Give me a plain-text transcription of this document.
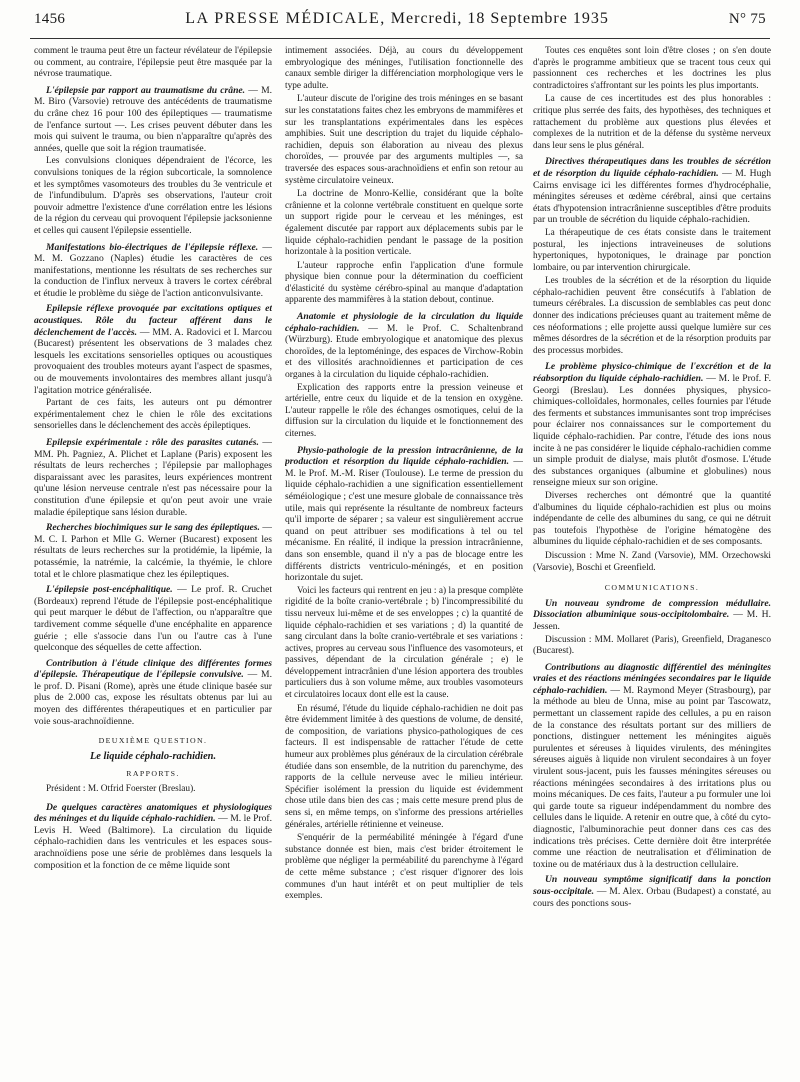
1456	LA PRESSE MÉDICALE, Mercredi, 18 Septembre 1935	N° 75

comment le trauma peut être un facteur révélateur de l'épilepsie ou comment, au contraire, l'épilepsie peut être masquée par la névrose traumatique.

L'épilepsie par rapport au traumatisme du crâne. — M. M. Biro (Varsovie) retrouve des antécédents de traumatisme du crâne chez 16 pour 100 des épileptiques — traumatisme de l'enfance surtout —. Les crises peuvent débuter dans les mois qui suivent le trauma, ou bien n'apparaître qu'après des années, quelle que soit la région traumatisée.

Les convulsions cloniques dépendraient de l'écorce, les convulsions toniques de la région subcorticale, la somnolence et les symptômes vasomoteurs des troubles du 3e ventricule et de l'infundibulum. D'après ses observations, l'auteur croit pouvoir admettre l'existence d'une corrélation entre les lésions de la région du cerveau qui provoquent l'épilepsie jacksonienne et celles qui causent l'épilepsie essentielle.

Manifestations bio-électriques de l'épilepsie réflexe. — M. M. Gozzano (Naples) étudie les caractères de ces manifestations, mentionne les résultats de ses recherches sur la conduction de l'influx nerveux à travers le cortex cérébral et étudie le problème du siège de l'action anticonvulsivante.

Epilepsie réflexe provoquée par excitations optiques et acoustiques. Rôle du facteur afférent dans le déclenchement de l'accès. — MM. A. Radovici et I. Marcou (Bucarest) présentent les observations de 3 malades chez lesquels les excitations sensorielles optiques ou acoustiques provoquaient des troubles moteurs ayant l'aspect de spasmes, ou de mouvements involontaires des membres allant jusqu'à l'agitation motrice généralisée.

Partant de ces faits, les auteurs ont pu démontrer expérimentalement chez le chien le rôle des excitations sensorielles dans le déclenchement des accès épileptiques.

Epilepsie expérimentale : rôle des parasites cutanés. — MM. Ph. Pagniez, A. Plichet et Laplane (Paris) exposent les résultats de leurs recherches ; l'épilepsie par mallophages disparaissant avec les parasites, leurs expériences montrent qu'une lésion nerveuse centrale n'est pas nécessaire pour la constitution d'une épilepsie et qu'on peut avoir une vraie maladie épileptique sans lésion durable.

Recherches biochimiques sur le sang des épileptiques. — M. C. I. Parhon et Mlle G. Werner (Bucarest) exposent les résultats de leurs recherches sur la protidémie, la lipémie, la potassémie, la natrémie, la calcémie, la thyémie, le chlore total et le chlore plasmatique chez les épileptiques.

L'épilepsie post-encéphalitique. — Le prof. R. Cruchet (Bordeaux) reprend l'étude de l'épilepsie post-encéphalitique qui peut marquer le début de l'affection, ou n'apparaître que tardivement comme séquelle d'une encéphalite en apparence guérie ; elle s'associe dans l'un ou l'autre cas à l'une quelconque des séquelles de cette affection.

Contribution à l'étude clinique des différentes formes d'épilepsie. Thérapeutique de l'épilepsie convulsive. — M. le prof. D. Pisani (Rome), après une étude clinique basée sur plus de 2.000 cas, expose les résultats obtenus par lui au moyen des différentes thérapeutiques et en particulier par voie sous-arachnoïdienne.

DEUXIÈME QUESTION.

Le liquide céphalo-rachidien.

RAPPORTS.

Président : M. Otfrid Foerster (Breslau).

De quelques caractères anatomiques et physiologiques des méninges et du liquide céphalo-rachidien. — M. le Prof. Levis H. Weed (Baltimore). La circulation du liquide céphalo-rachidien dans les ventricules et les espaces sous-arachnoïdiens pose une série de problèmes dans lesquels la composition et la fonction de ce même liquide sont

intimement associées. Déjà, au cours du développement embryologique des méninges, l'utilisation fonctionnelle des canaux semble diriger la différenciation morphologique vers le type adulte.

L'auteur discute de l'origine des trois méninges en se basant sur les constatations faites chez les embryons de mammifères et sur les transplantations expérimentales dans les espèces amphibies. Suit une description du trajet du liquide céphalo-rachidien, depuis son élaboration au niveau des plexus choroïdes, — prouvée par des arguments multiples —, sa traversée des espaces sous-arachnoïdiens et enfin son retour au système circulatoire veineux.

La doctrine de Monro-Kellie, considérant que la boîte crânienne et la colonne vertébrale constituent en quelque sorte un support rigide pour le cerveau et les méninges, est également discutée par rapport aux déplacements subis par le liquide céphalo-rachidien pendant le passage de la position horizontale à la position verticale.

L'auteur rapproche enfin l'application d'une formule physique bien connue pour la détermination du coefficient d'élasticité du système cérébro-spinal au manque d'adaptation apparente des mammifères à la station debout, continue.

Anatomie et physiologie de la circulation du liquide céphalo-rachidien. — M. le Prof. C. Schaltenbrand (Würzburg). Etude embryologique et anatomique des plexus choroïdes, de la leptoméninge, des espaces de Virchow-Robin et des villosités arachnoïdiennes et participation de ces organes à la circulation du liquide céphalo-rachidien.

Explication des rapports entre la pression veineuse et artérielle, entre ceux du liquide et de la tension en oxygène. L'auteur rappelle le rôle des échanges osmotiques, celui de la diffusion sur la circulation du liquide et le fonctionnement des citernes.

Physio-pathologie de la pression intracrânienne, de la production et résorption du liquide céphalo-rachidien. — M. le Prof. M.-M. Riser (Toulouse). Le terme de pression du liquide céphalo-rachidien a une signification essentiellement séméiologique ; c'est une mesure globale de connaissance très utile, mais qui représente la résultante de nombreux facteurs qu'il importe de séparer ; sa valeur est singulièrement accrue quand on peut attribuer ses modifications à tel ou tel mécanisme. En réalité, il indique la pression intracrânienne, dans son ensemble, quand il n'y a pas de blocage entre les différents districts ventriculo-méningés, et en position horizontale du sujet.

Voici les facteurs qui rentrent en jeu : a) la presque complète rigidité de la boîte cranio-vertébrale ; b) l'incompressibilité du tissu nerveux lui-même et de ses enveloppes ; c) la quantité de liquide céphalo-rachidien et ses variations ; d) la quantité de sang circulant dans la boîte cranio-vertébrale et ses variations : actives, propres au cerveau sous l'influence des vasomoteurs, et passives, dépendant de la circulation générale ; e) le développement intracrânien d'une lésion apportera des troubles particuliers dus à son volume même, aux troubles vasomoteurs et circulatoires locaux dont elle est la cause.

En résumé, l'étude du liquide céphalo-rachidien ne doit pas être évidemment limitée à des questions de volume, de densité, de composition, de variations physico-pathologiques de ces facteurs. Il est indispensable de rattacher l'étude de cette humeur aux problèmes plus généraux de la circulation cérébrale étudiée dans son ensemble, de la nutrition du parenchyme, des rapports de la cellule nerveuse avec le milieu intérieur. Spécifier isolément la pression du liquide est évidemment chose utile dans bien des cas ; mais cette mesure prend plus de sens si, en même temps, on s'informe des pressions artérielles générales, artérielle rétinienne et veineuse.

S'enquérir de la perméabilité méningée à l'égard d'une substance donnée est bien, mais c'est brider étroitement le problème que négliger la perméabilité du parenchyme à l'égard de cette même substance ; c'est risquer d'ignorer des lois communes d'un haut intérêt et on peut multiplier de tels exemples.

Toutes ces enquêtes sont loin d'être closes ; on s'en doute d'après le programme ambitieux que se tracent tous ceux qui passionnent ces recherches et les doctrines les plus contradictoires s'affrontant sur les points les plus importants.

La cause de ces incertitudes est des plus honorables : critique plus serrée des faits, des hypothèses, des techniques et rattachement du problème aux questions plus élevées et complexes de la nutrition et de la défense du système nerveux dans leur sens le plus général.

Directives thérapeutiques dans les troubles de sécrétion et de résorption du liquide céphalo-rachidien. — M. Hugh Cairns envisage ici les différentes formes d'hydrocéphalie, méningites séreuses et œdème cérébral, ainsi que certains états d'hypotension intracrânienne susceptibles d'être produits par un trouble de sécrétion du liquide céphalo-rachidien.

La thérapeutique de ces états consiste dans le traitement postural, les injections intraveineuses de solutions hypertoniques, hypotoniques, le drainage par ponction lombaire, ou par intervention chirurgicale.

Les troubles de la sécrétion et de la résorption du liquide céphalo-rachidien peuvent être consécutifs à l'ablation de tumeurs cérébrales. La discussion de semblables cas peut donc donner des indications précieuses quant au traitement même de ces néoformations ; elle projette aussi quelque lumière sur ces mêmes désordres de la sécrétion et de la résorption produits par des processus morbides.

Le problème physico-chimique de l'excrétion et de la réabsorption du liquide céphalo-rachidien. — M. le Prof. F. Georgi (Breslau). Les données physiques, physico-chimiques-colloïdales, hormonales, celles fournies par l'étude des ferments et substances immunisantes sont trop imprécises pour éclairer nos connaissances sur le comportement du liquide céphalo-rachidien. Par contre, l'étude des ions nous incite à ne pas considérer le liquide céphalo-rachidien comme un simple produit de dialyse, mais plutôt d'osmose. L'étude des substances organiques (albumine et globulines) nous renseigne mieux sur son origine.

Diverses recherches ont démontré que la quantité d'albumines du liquide céphalo-rachidien est plus ou moins indépendante de celle des albumines du sang, ce qui ne détruit pas toutefois l'hypothèse de l'origine hématogène des albumines du liquide céphalo-rachidien et de ses composants.

Discussion : Mme N. Zand (Varsovie), MM. Orzechowski (Varsovie), Boschi et Greenfield.

COMMUNICATIONS.

Un nouveau syndrome de compression médullaire. Dissociation albuminique sous-occipitolombaire. — M. H. Jessen.

Discussion : MM. Mollaret (Paris), Greenfield, Draganesco (Bucarest).

Contributions au diagnostic différentiel des méningites vraies et des réactions méningées secondaires par le liquide céphalo-rachidien. — M. Raymond Meyer (Strasbourg), par la méthode au bleu de Unna, mise au point par Tascowatz, permettant un classement rapide des cellules, a pu en raison de la constance des résultats portant sur des milliers de ponctions, distinguer nettement les méningites aiguës purulentes et séreuses à liquides virulents, des méningites séreuses aiguës à liquide non virulent secondaires à un foyer virulent sous-jacent, puis les fausses méningites séreuses ou réactions méningées secondaires à des irritations plus ou moins mécaniques. De ces faits, l'auteur a pu formuler une loi qui garde toute sa rigueur indépendamment du nombre des cellules dans le liquide. A retenir en outre que, à côté du cyto-diagnostic, l'albuminorachie peut donner dans ces cas des indications très précises. Cette dernière doit être interprétée comme une réaction de neutralisation et d'élimination de toxine ou de matériaux dus à la destruction cellulaire.

Un nouveau symptôme significatif dans la ponction sous-occipitale. — M. Alex. Orbau (Budapest) a constaté, au cours des ponctions sous-
